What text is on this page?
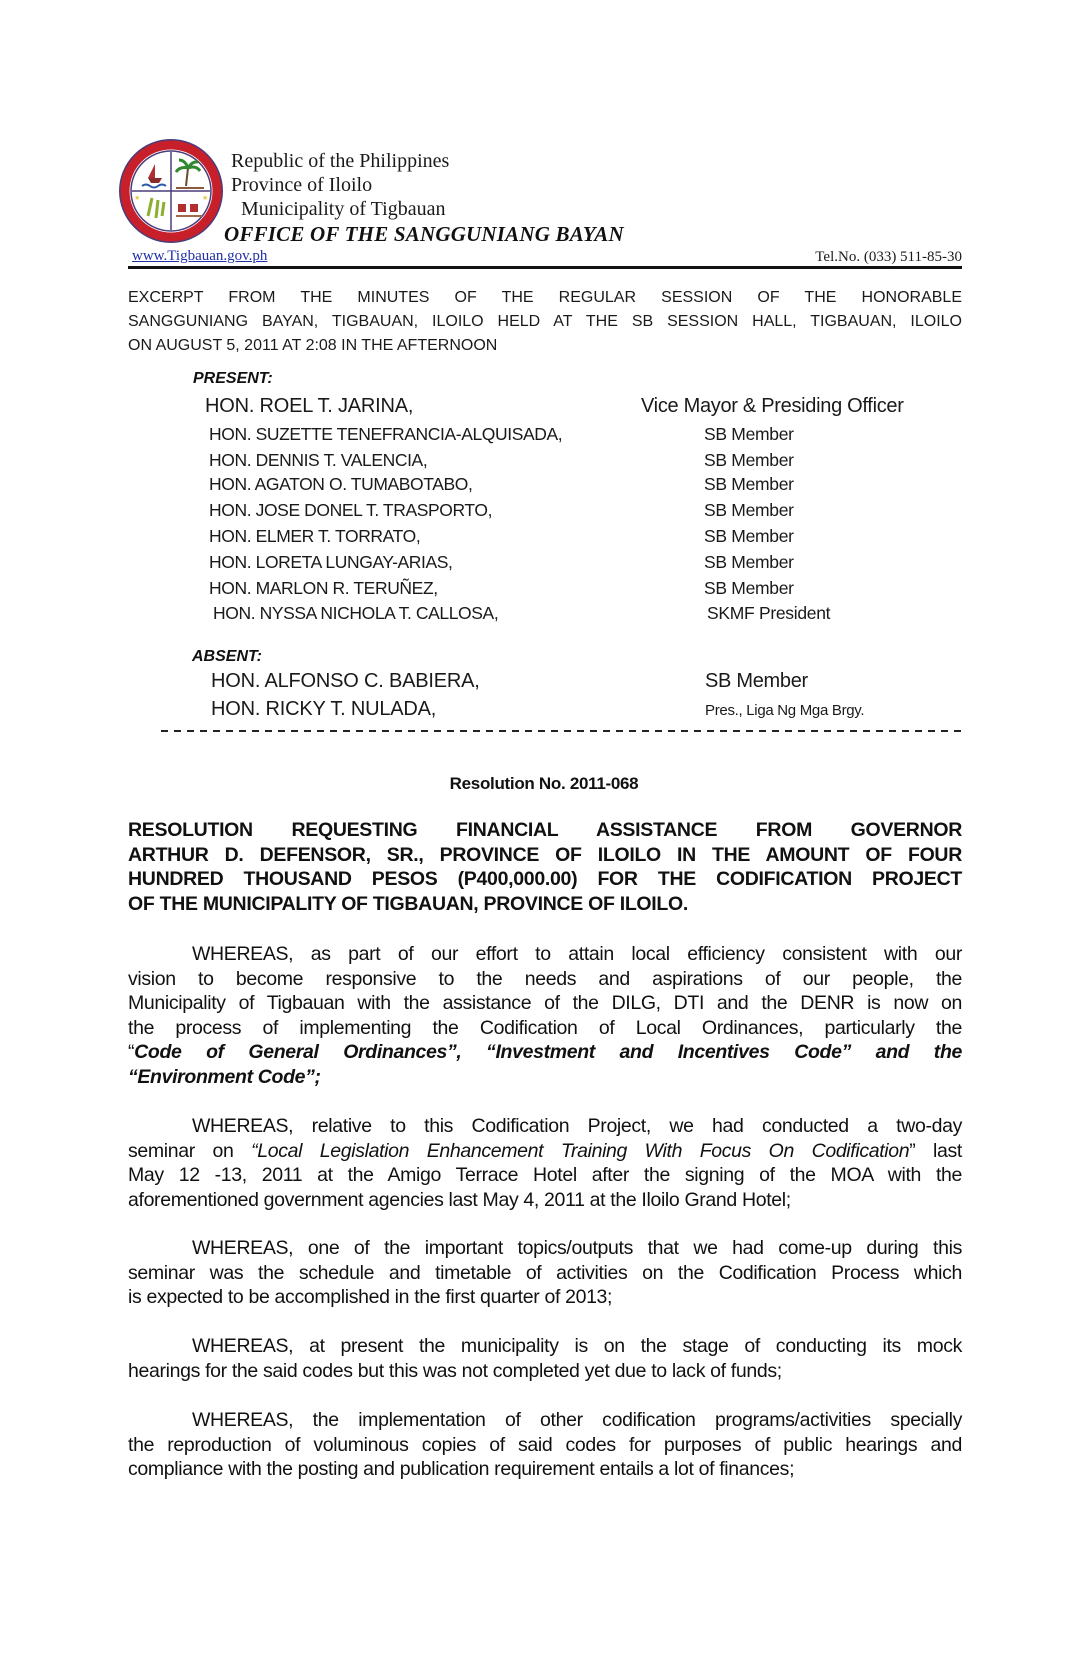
★	★
Republic of the Philippines
Province of Iloilo
Municipality of Tigbauan
OFFICE OF THE SANGGUNIANG BAYAN
www.Tigbauan.gov.ph	Tel.No. (033) 511-85-30
EXCERPT FROM THE MINUTES OF THE REGULAR SESSION OF THE HONORABLE
SANGGUNIANG BAYAN, TIGBAUAN, ILOILO HELD AT THE SB SESSION HALL, TIGBAUAN, ILOILO
ON AUGUST 5, 2011 AT 2:08 IN THE AFTERNOON
PRESENT:
HON. ROEL T. JARINA,	Vice Mayor & Presiding Officer
HON. SUZETTE TENEFRANCIA-ALQUISADA,	SB Member
HON. DENNIS T. VALENCIA,	SB Member
HON. AGATON O. TUMABOTABO,	SB Member
HON. JOSE DONEL T. TRASPORTO,	SB Member
HON. ELMER T. TORRATO,	SB Member
HON. LORETA LUNGAY-ARIAS,	SB Member
HON. MARLON R. TERUÑEZ,	SB Member
HON. NYSSA NICHOLA T. CALLOSA,	SKMF President
ABSENT:
HON. ALFONSO C. BABIERA,	SB Member
HON. RICKY T. NULADA,	Pres., Liga Ng Mga Brgy.
Resolution No. 2011-068
RESOLUTION REQUESTING FINANCIAL ASSISTANCE FROM GOVERNOR
ARTHUR D. DEFENSOR, SR., PROVINCE OF ILOILO IN THE AMOUNT OF FOUR
HUNDRED THOUSAND PESOS (P400,000.00) FOR THE CODIFICATION PROJECT
OF THE MUNICIPALITY OF TIGBAUAN, PROVINCE OF ILOILO.
WHEREAS, as part of our effort to attain local efficiency consistent with our
vision to become responsive to the needs and aspirations of our people, the
Municipality of Tigbauan with the assistance of the DILG, DTI and the DENR is now on
the process of implementing the Codification of Local Ordinances, particularly the
“Code of General Ordinances”, “Investment and Incentives Code” and the
“Environment Code”;
WHEREAS, relative to this Codification Project, we had conducted a two-day
seminar on “Local Legislation Enhancement Training With Focus On Codification” last
May 12 -13, 2011 at the Amigo Terrace Hotel after the signing of the MOA with the
aforementioned government agencies last May 4, 2011 at the Iloilo Grand Hotel;
WHEREAS, one of the important topics/outputs that we had come-up during this
seminar was the schedule and timetable of activities on the Codification Process which
is expected to be accomplished in the first quarter of 2013;
WHEREAS, at present the municipality is on the stage of conducting its mock
hearings for the said codes but this was not completed yet due to lack of funds;
WHEREAS, the implementation of other codification programs/activities specially
the reproduction of voluminous copies of said codes for purposes of public hearings and
compliance with the posting and publication requirement entails a lot of finances;
